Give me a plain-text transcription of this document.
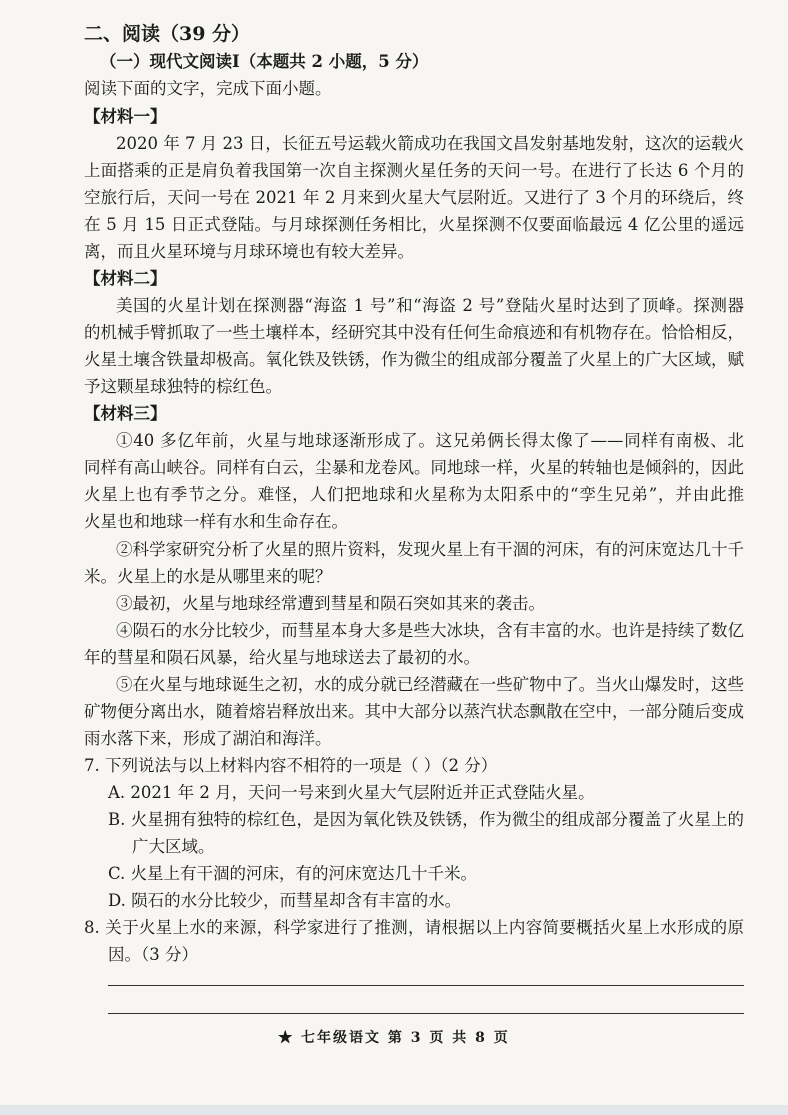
二、阅读（39 分）
（一）现代文阅读Ⅰ（本题共 2 小题，5 分）
阅读下面的文字，完成下面小题。
【材料一】
2020 年 7 月 23 日，长征五号运载火箭成功在我国文昌发射基地发射，这次的运载火
上面搭乘的正是肩负着我国第一次自主探测火星任务的天问一号。在进行了长达 6 个月的
空旅行后，天问一号在 2021 年 2 月来到火星大气层附近。又进行了 3 个月的环绕后，终
在 5 月 15 日正式登陆。与月球探测任务相比，火星探测不仅要面临最远 4 亿公里的遥远
离，而且火星环境与月球环境也有较大差异。
【材料二】
美国的火星计划在探测器“海盗 1 号”和“海盗 2 号”登陆火星时达到了顶峰。探测器
的机械手臂抓取了一些土壤样本，经研究其中没有任何生命痕迹和有机物存在。恰恰相反，
火星土壤含铁量却极高。氧化铁及铁锈，作为微尘的组成部分覆盖了火星上的广大区域，赋
予这颗星球独特的棕红色。
【材料三】
①40 多亿年前，火星与地球逐渐形成了。这兄弟俩长得太像了——同样有南极、北
同样有高山峡谷。同样有白云，尘暴和龙卷风。同地球一样，火星的转轴也是倾斜的，因此
火星上也有季节之分。难怪，人们把地球和火星称为太阳系中的“孪生兄弟”，并由此推
火星也和地球一样有水和生命存在。
②科学家研究分析了火星的照片资料，发现火星上有干涸的河床，有的河床宽达几十千
米。火星上的水是从哪里来的呢？
③最初，火星与地球经常遭到彗星和陨石突如其来的袭击。
④陨石的水分比较少，而彗星本身大多是些大冰块，含有丰富的水。也许是持续了数亿
年的彗星和陨石风暴，给火星与地球送去了最初的水。
⑤在火星与地球诞生之初，水的成分就已经潜藏在一些矿物中了。当火山爆发时，这些
矿物便分离出水，随着熔岩释放出来。其中大部分以蒸汽状态飘散在空中，一部分随后变成
雨水落下来，形成了湖泊和海洋。
7. 下列说法与以上材料内容不相符的一项是（ ）（2 分）
A. 2021 年 2 月，天问一号来到火星大气层附近并正式登陆火星。
B. 火星拥有独特的棕红色，是因为氧化铁及铁锈，作为微尘的组成部分覆盖了火星上的
广大区域。
C. 火星上有干涸的河床，有的河床宽达几十千米。
D. 陨石的水分比较少，而彗星却含有丰富的水。
8. 关于火星上水的来源，科学家进行了推测，请根据以上内容简要概括火星上水形成的原
因。（3 分）
★ 七年级语文 第 3 页 共 8 页
